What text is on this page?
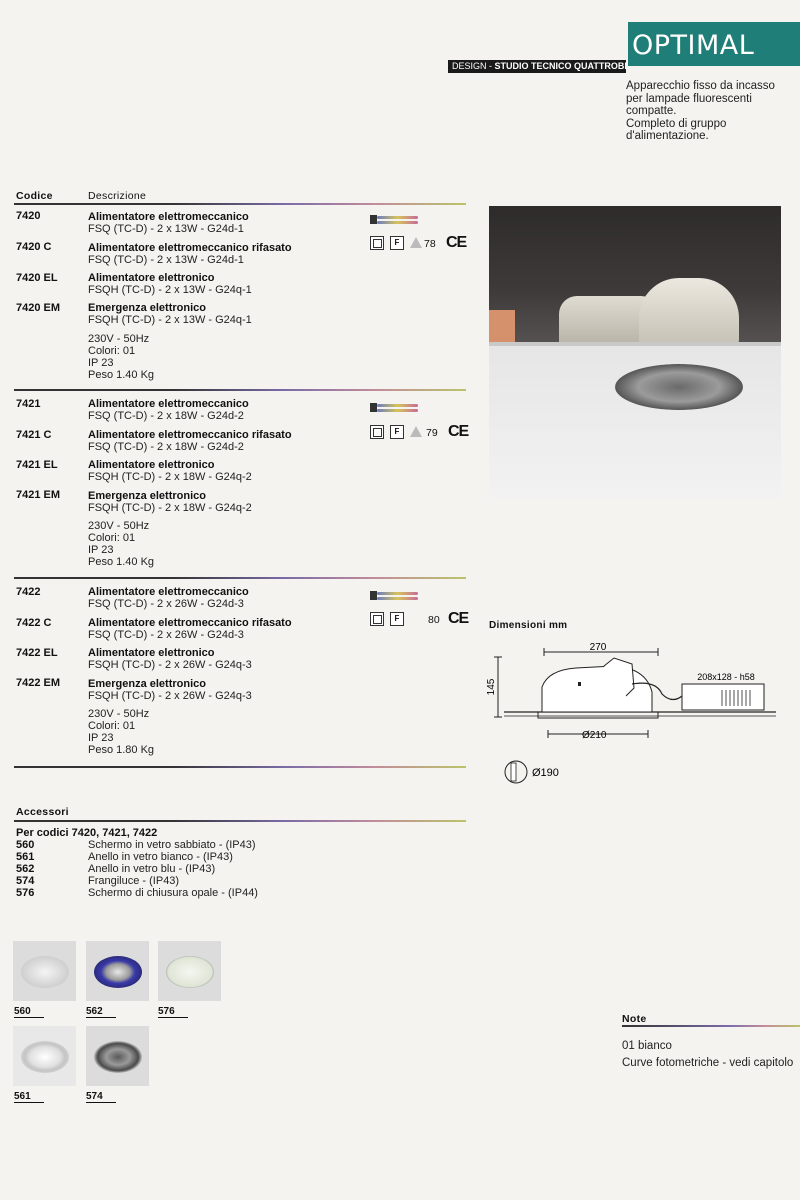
OPTIMAL
DESIGN - STUDIO TECNICO QUATTROBI
Apparecchio fisso da incasso
per lampade fluorescenti
compatte.
Completo di gruppo
d'alimentazione.
Codice	Descrizione
7420	Alimentatore elettromeccanico
FSQ (TC-D) - 2 x 13W - G24d-1
7420 C	Alimentatore elettromeccanico rifasato
FSQ (TC-D) - 2 x 13W - G24d-1
7420 EL	Alimentatore elettronico
FSQH (TC-D) - 2 x 13W - G24q-1
7420 EM	Emergenza elettronico
FSQH (TC-D) - 2 x 13W - G24q-1
230V - 50Hz
Colori: 01
IP 23
Peso 1.40 Kg
F	78 CE
7421	Alimentatore elettromeccanico
FSQ (TC-D) - 2 x 18W - G24d-2
7421 C	Alimentatore elettromeccanico rifasato
FSQ (TC-D) - 2 x 18W - G24d-2
7421 EL	Alimentatore elettronico
FSQH (TC-D) - 2 x 18W - G24q-2
7421 EM	Emergenza elettronico
FSQH (TC-D) - 2 x 18W - G24q-2
230V - 50Hz
Colori: 01
IP 23
Peso 1.40 Kg
F	79 CE
7422	Alimentatore elettromeccanico
FSQ (TC-D) - 2 x 26W - G24d-3
7422 C	Alimentatore elettromeccanico rifasato
FSQ (TC-D) - 2 x 26W - G24d-3
7422 EL	Alimentatore elettronico
FSQH (TC-D) - 2 x 26W - G24q-3
7422 EM	Emergenza elettronico
FSQH (TC-D) - 2 x 26W - G24q-3
230V - 50Hz
Colori: 01
IP 23
Peso 1.80 Kg
F	80 CE Dimensioni mm
270
145
208x128 - h58
Ø210
Ø190
Accessori
Per codici 7420, 7421, 7422
560	Schermo in vetro sabbiato - (IP43)
561	Anello in vetro bianco - (IP43)
562	Anello in vetro blu - (IP43)
574	Frangiluce - (IP43)
576	Schermo di chiusura opale - (IP44)
560	562	576
561	574
Note
01 bianco
Curve fotometriche - vedi capitolo
